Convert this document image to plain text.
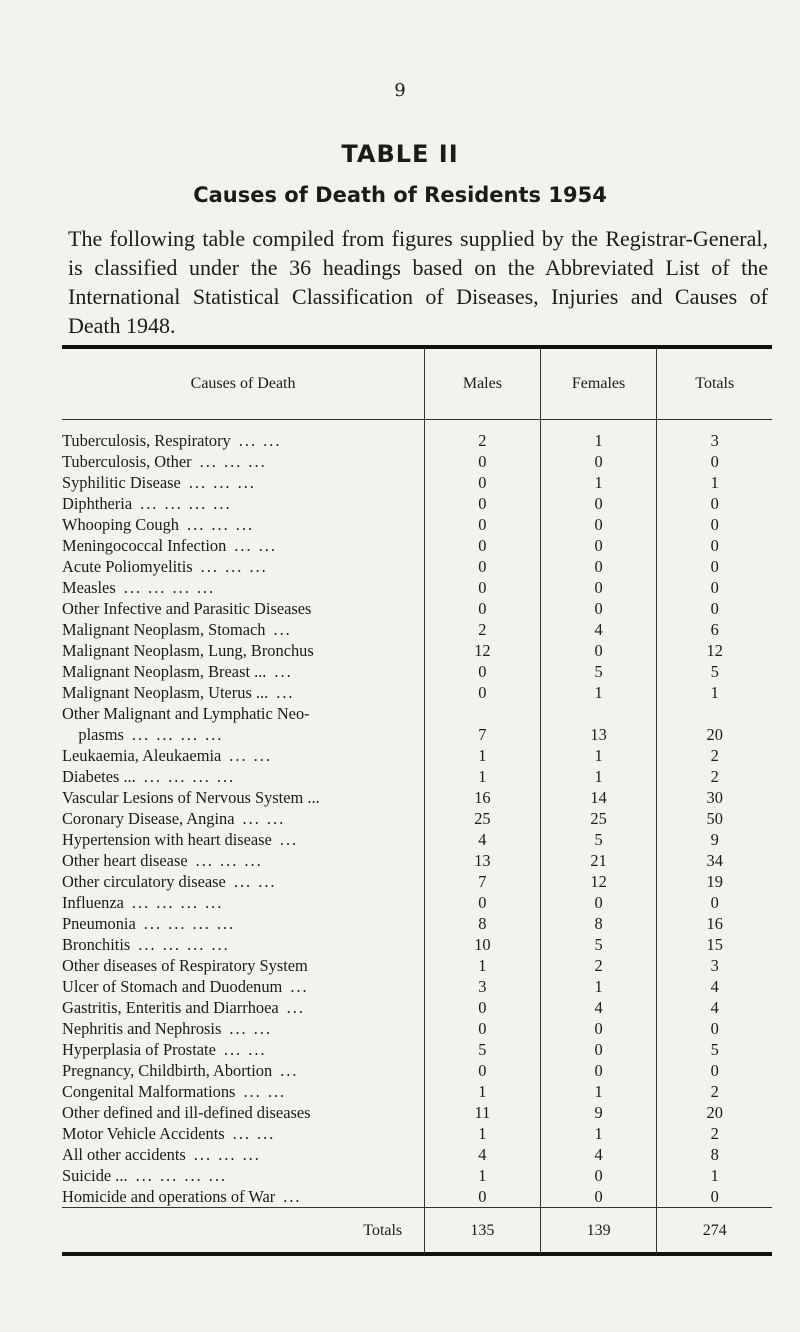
9
TABLE II
Causes of Death of Residents 1954
The following table compiled from figures supplied by the Registrar-General, is classified under the 36 headings based on the Abbreviated List of the International Statistical Classification of Diseases, Injuries and Causes of Death 1948.
Causes of Death	Males	Females	Totals
Tuberculosis, Respiratory ... ...	2	1	3
Tuberculosis, Other ... ... ...	0	0	0
Syphilitic Disease ... ... ...	0	1	1
Diphtheria ... ... ... ...	0	0	0
Whooping Cough ... ... ...	0	0	0
Meningococcal Infection ... ...	0	0	0
Acute Poliomyelitis ... ... ...	0	0	0
Measles ... ... ... ...	0	0	0
Other Infective and Parasitic Diseases	0	0	0
Malignant Neoplasm, Stomach ...	2	4	6
Malignant Neoplasm, Lung, Bronchus	12	0	12
Malignant Neoplasm, Breast ... ...	0	5	5
Malignant Neoplasm, Uterus ... ...	0	1	1
Other Malignant and Lymphatic Neo-			
plasms ... ... ... ...	7	13	20
Leukaemia, Aleukaemia ... ...	1	1	2
Diabetes ... ... ... ... ...	1	1	2
Vascular Lesions of Nervous System ...	16	14	30
Coronary Disease, Angina ... ...	25	25	50
Hypertension with heart disease ...	4	5	9
Other heart disease ... ... ...	13	21	34
Other circulatory disease ... ...	7	12	19
Influenza ... ... ... ...	0	0	0
Pneumonia ... ... ... ...	8	8	16
Bronchitis ... ... ... ...	10	5	15
Other diseases of Respiratory System	1	2	3
Ulcer of Stomach and Duodenum ...	3	1	4
Gastritis, Enteritis and Diarrhoea ...	0	4	4
Nephritis and Nephrosis ... ...	0	0	0
Hyperplasia of Prostate ... ...	5	0	5
Pregnancy, Childbirth, Abortion ...	0	0	0
Congenital Malformations ... ...	1	1	2
Other defined and ill-defined diseases	11	9	20
Motor Vehicle Accidents ... ...	1	1	2
All other accidents ... ... ...	4	4	8
Suicide ... ... ... ... ...	1	0	1
Homicide and operations of War ...	0	0	0
Totals	135	139	274
